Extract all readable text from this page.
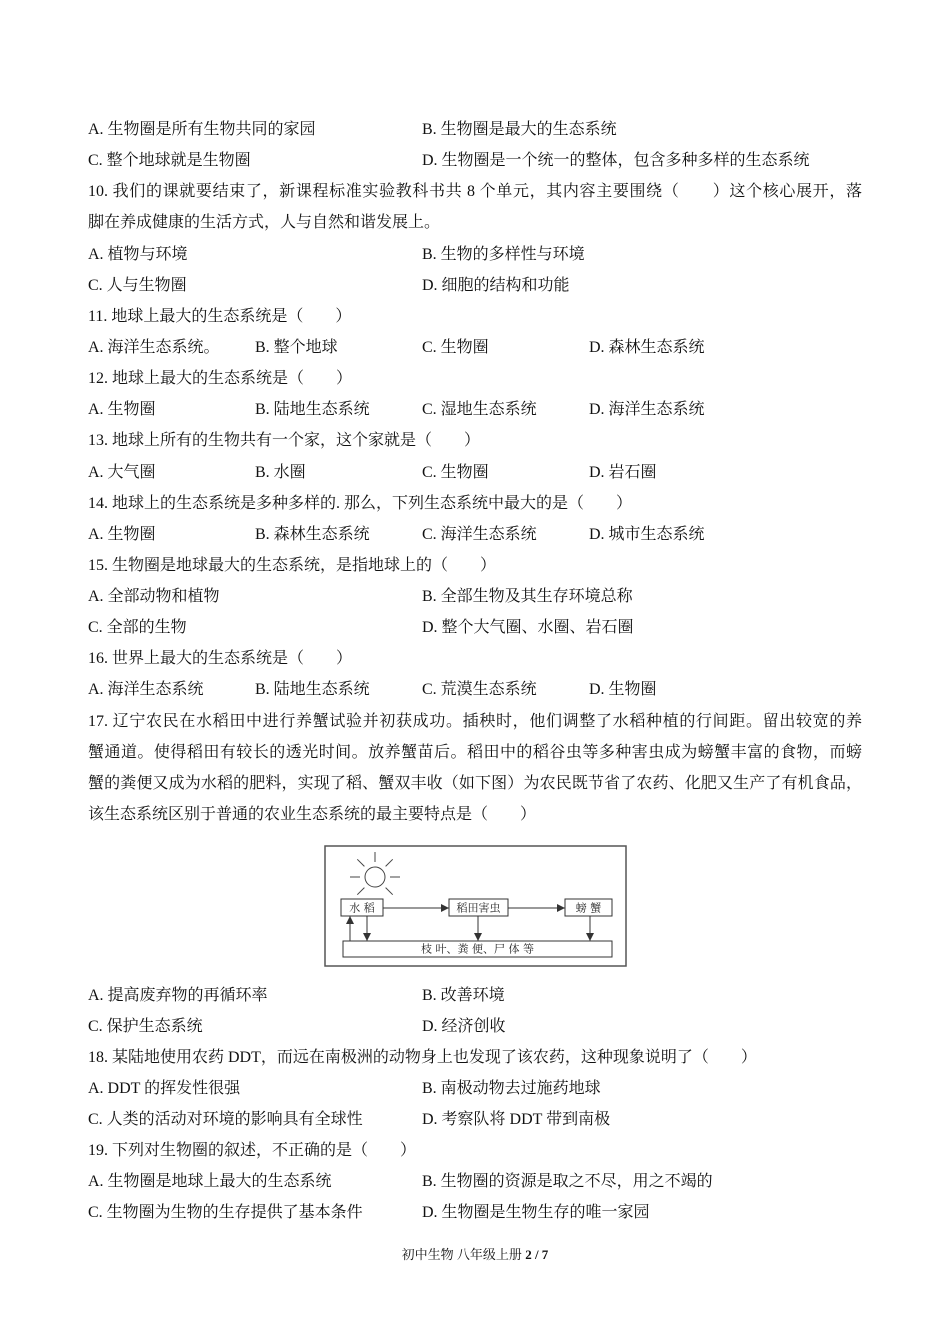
A. 生物圈是所有生物共同的家园	B. 生物圈是最大的生态系统
C. 整个地球就是生物圈	D. 生物圈是一个统一的整体，包含多种多样的生态系统
10. 我们的课就要结束了，新课程标准实验教科书共 8 个单元，其内容主要围绕（　　）这个核心展开，落
脚在养成健康的生活方式，人与自然和谐发展上。
A. 植物与环境	B. 生物的多样性与环境
C. 人与生物圈	D. 细胞的结构和功能
11. 地球上最大的生态系统是（　　）
A. 海洋生态系统。 B. 整个地球	C. 生物圈	D. 森林生态系统
12. 地球上最大的生态系统是（　　）
A. 生物圈	B. 陆地生态系统	C. 湿地生态系统	D. 海洋生态系统
13. 地球上所有的生物共有一个家，这个家就是（　　）
A. 大气圈	B. 水圈	C. 生物圈	D. 岩石圈
14. 地球上的生态系统是多种多样的. 那么，下列生态系统中最大的是（　　）
A. 生物圈	B. 森林生态系统	C. 海洋生态系统	D. 城市生态系统
15. 生物圈是地球最大的生态系统，是指地球上的（　　）
A. 全部动物和植物	B. 全部生物及其生存环境总称
C. 全部的生物	D. 整个大气圈、水圈、岩石圈
16. 世界上最大的生态系统是（　　）
A. 海洋生态系统	B. 陆地生态系统	C. 荒漠生态系统	D. 生物圈
17. 辽宁农民在水稻田中进行养蟹试验并初获成功。插秧时，他们调整了水稻种植的行间距。留出较宽的养
蟹通道。使得稻田有较长的透光时间。放养蟹苗后。稻田中的稻谷虫等多种害虫成为螃蟹丰富的食物，而螃
蟹的粪便又成为水稻的肥料，实现了稻、蟹双丰收（如下图）为农民既节省了农药、化肥又生产了有机食品，
该生态系统区别于普通的农业生态系统的最主要特点是（　　）
水 稻	稻田害虫	螃 蟹
枝 叶、粪 便、尸 体 等
A. 提高废弃物的再循环率	B. 改善环境
C. 保护生态系统	D. 经济创收
18. 某陆地使用农药 DDT，而远在南极洲的动物身上也发现了该农药，这种现象说明了（　　）
A. DDT 的挥发性很强	B. 南极动物去过施药地球
C. 人类的活动对环境的影响具有全球性	D. 考察队将 DDT 带到南极
19. 下列对生物圈的叙述，不正确的是（　　）
A. 生物圈是地球上最大的生态系统	B. 生物圈的资源是取之不尽，用之不竭的
C. 生物圈为生物的生存提供了基本条件	D. 生物圈是生物生存的唯一家园
初中生物 八年级上册 2 / 7
